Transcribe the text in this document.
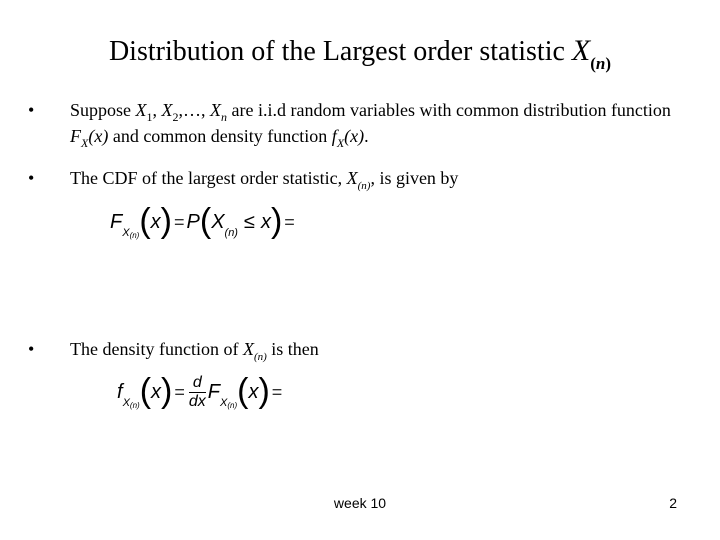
Distribution of the Largest order statistic $X_{(n)}$
•	Suppose $X_1$, $X_2,\dots$, $X_n$ are i.i.d random variables with common distribution function $F_X(x)$ and common density function $f_X(x)$.
•	The CDF of the largest order statistic, $X_{(n)}$, is given by
$F_{X(n)}(x) = P(X_{(n)} \le x)$ =
•	The density function of $X_{(n)}$ is then
$f_{X(n)}(x) = \frac{d}{dx} F_{X(n)}(x)$ =
week 10	2
